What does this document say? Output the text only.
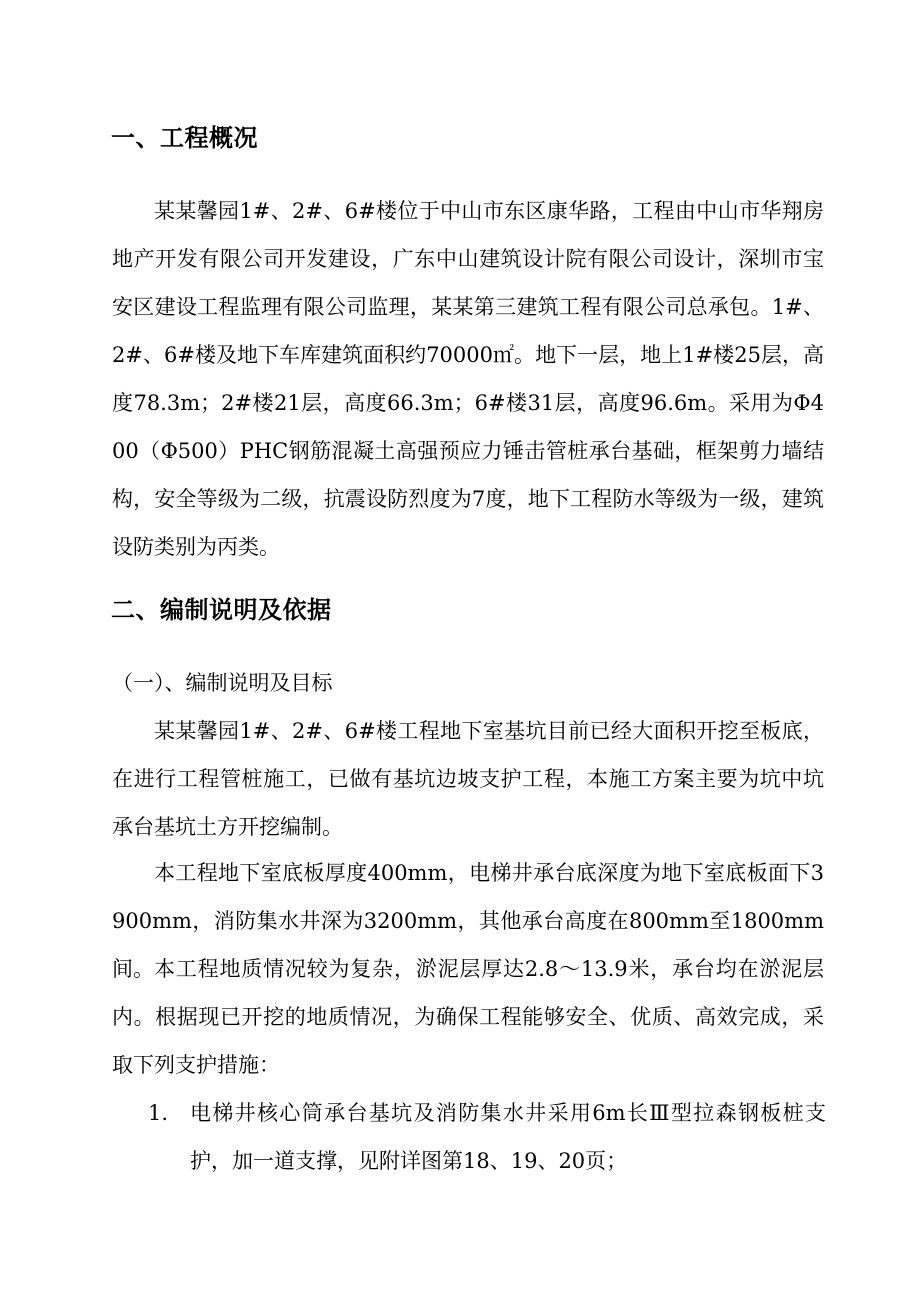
一、工程概况

某某馨园1#、2#、6#楼位于中山市东区康华路，工程由中山市华翔房地产开发有限公司开发建设，广东中山建筑设计院有限公司设计，深圳市宝安区建设工程监理有限公司监理，某某第三建筑工程有限公司总承包。1#、2#、6#楼及地下车库建筑面积约70000㎡。地下一层，地上1#楼25层，高度78.3m；2#楼21层，高度66.3m；6#楼31层，高度96.6m。采用为Φ400（Φ500）PHC钢筋混凝土高强预应力锤击管桩承台基础，框架剪力墙结构，安全等级为二级，抗震设防烈度为7度，地下工程防水等级为一级，建筑设防类别为丙类。

二、编制说明及依据

（一）、编制说明及目标

某某馨园1#、2#、6#楼工程地下室基坑目前已经大面积开挖至板底，在进行工程管桩施工，已做有基坑边坡支护工程，本施工方案主要为坑中坑承台基坑土方开挖编制。

本工程地下室底板厚度400mm，电梯井承台底深度为地下室底板面下3900mm，消防集水井深为3200mm，其他承台高度在800mm至1800mm间。 本工程地质情况较为复杂，淤泥层厚达2.8～13.9米，承台均在淤泥层内。根据现已开挖的地质情况，为确保工程能够安全、优质、高效完成，采取下列支护措施：

1. 电梯井核心筒承台基坑及消防集水井采用6m长Ⅲ型拉森钢板桩支护，加一道支撑，见附详图第18、19、20页；
